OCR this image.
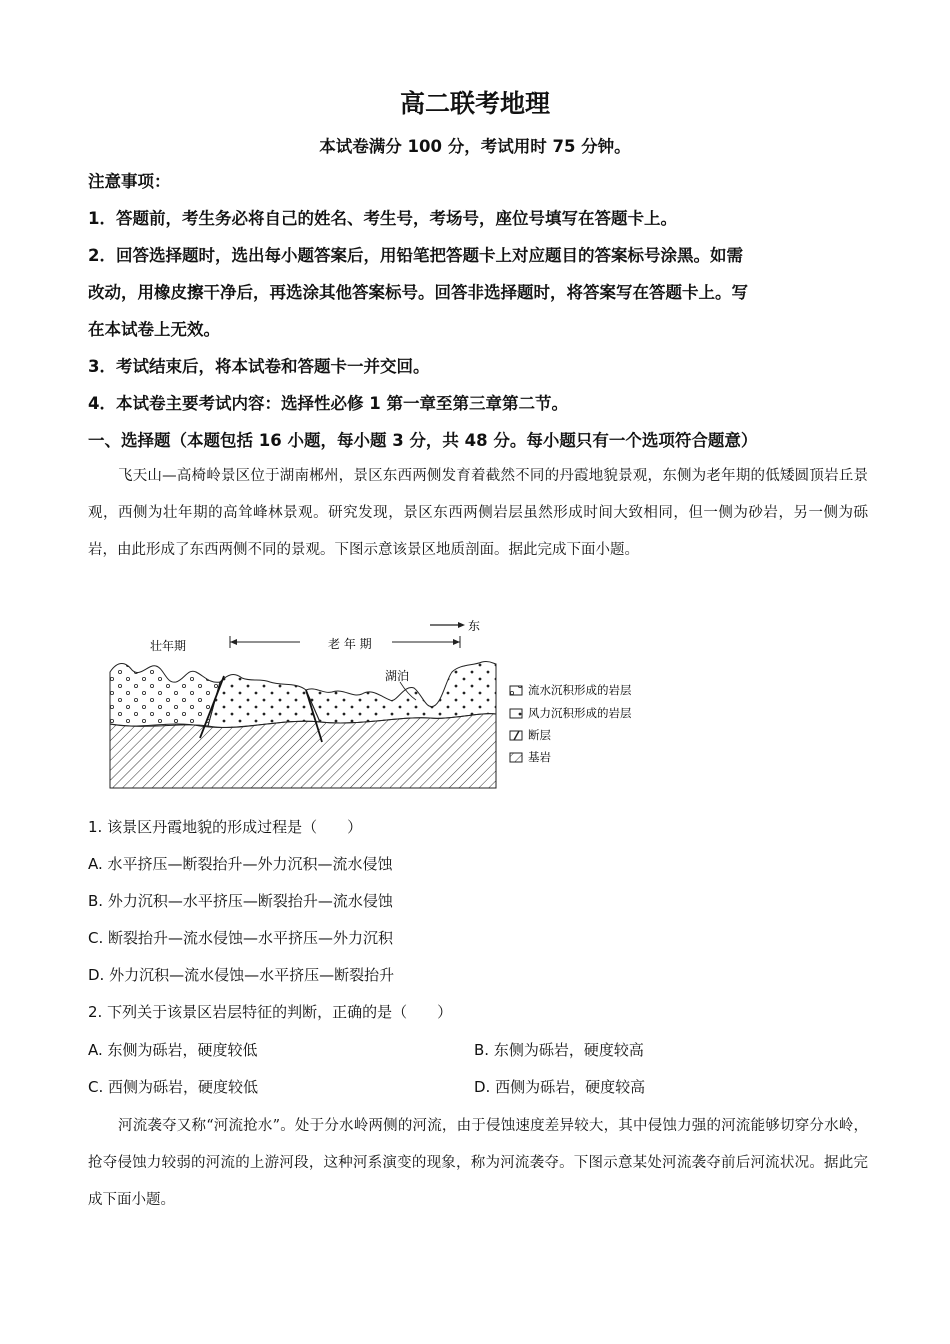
高二联考地理
本试卷满分 100 分，考试用时 75 分钟。
注意事项：
1．答题前，考生务必将自己的姓名、考生号，考场号，座位号填写在答题卡上。
2．回答选择题时，选出每小题答案后，用铅笔把答题卡上对应题目的答案标号涂黑。如需
改动，用橡皮擦干净后，再选涂其他答案标号。回答非选择题时，将答案写在答题卡上。写
在本试卷上无效。
3．考试结束后，将本试卷和答题卡一并交回。
4．本试卷主要考试内容：选择性必修 1 第一章至第三章第二节。
一、选择题（本题包括 16 小题，每小题 3 分，共 48 分。每小题只有一个选项符合题意）

飞天山—高椅岭景区位于湖南郴州，景区东西两侧发育着截然不同的丹霞地貌景观，东侧为老年期的低矮圆顶岩丘景观，西侧为壮年期的高耸峰林景观。研究发现，景区东西两侧岩层虽然形成时间大致相同，但一侧为砂岩，另一侧为砾岩，由此形成了东西两侧不同的景观。下图示意该景区地质剖面。据此完成下面小题。

东
壮年期	老 年 期
湖泊
流水沉积形成的岩层
风力沉积形成的岩层
断层
基岩
1. 该景区丹霞地貌的形成过程是（　　）
A. 水平挤压—断裂抬升—外力沉积—流水侵蚀
B. 外力沉积—水平挤压—断裂抬升—流水侵蚀
C. 断裂抬升—流水侵蚀—水平挤压—外力沉积
D. 外力沉积—流水侵蚀—水平挤压—断裂抬升
2. 下列关于该景区岩层特征的判断，正确的是（　　）
A. 东侧为砾岩，硬度较低	B. 东侧为砾岩，硬度较高
C. 西侧为砾岩，硬度较低	D. 西侧为砾岩，硬度较高

河流袭夺又称“河流抢水”。处于分水岭两侧的河流，由于侵蚀速度差异较大，其中侵蚀力强的河流能够切穿分水岭，抢夺侵蚀力较弱的河流的上游河段，这种河系演变的现象，称为河流袭夺。下图示意某处河流袭夺前后河流状况。据此完成下面小题。
